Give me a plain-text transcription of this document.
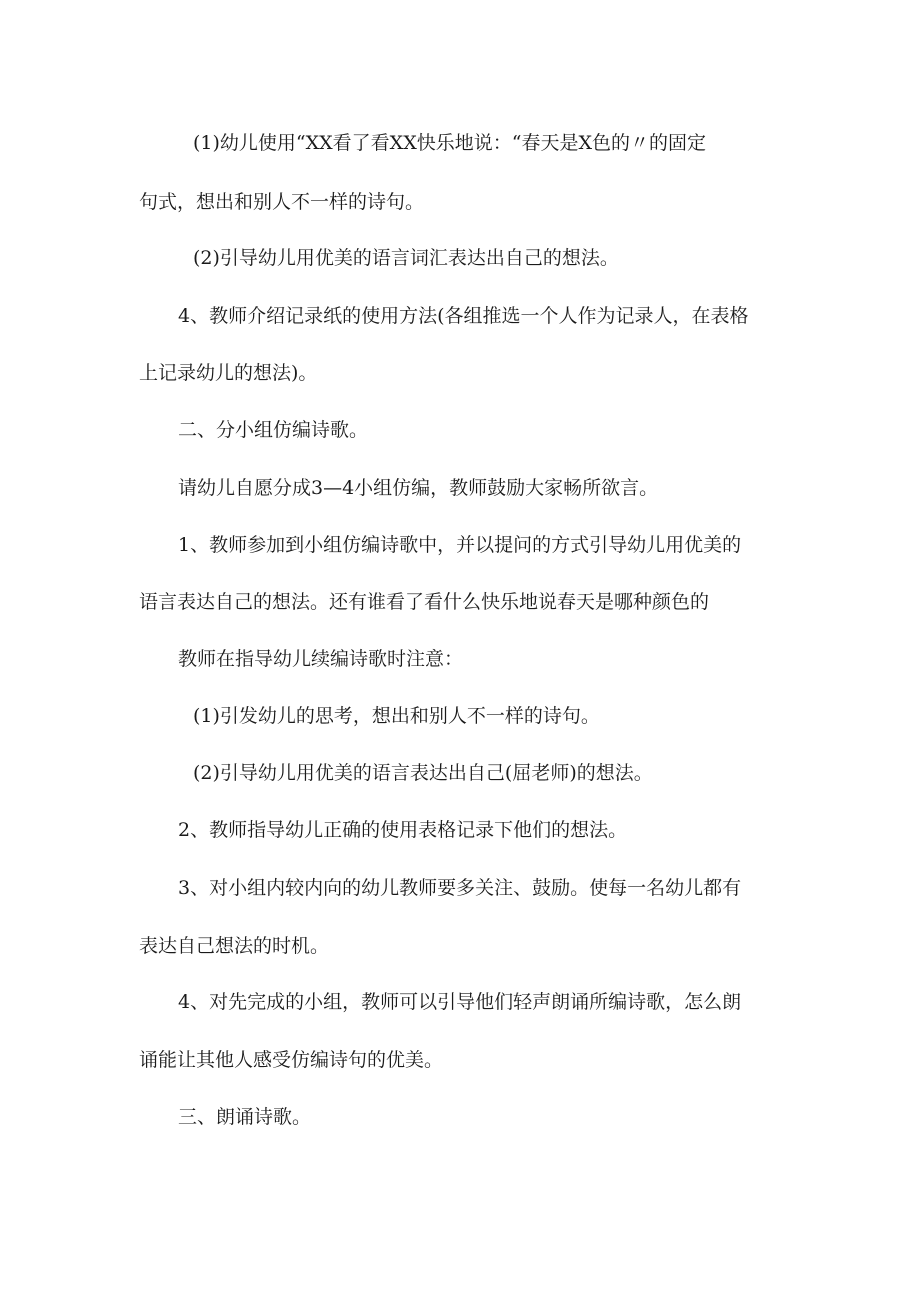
(1)幼儿使用“XX看了看XX快乐地说：“春天是X色的〃的固定
句式，想出和别人不一样的诗句。
(2)引导幼儿用优美的语言词汇表达出自己的想法。
4、教师介绍记录纸的使用方法(各组推选一个人作为记录人，在表格
上记录幼儿的想法)。
二、分小组仿编诗歌。
请幼儿自愿分成3—4小组仿编，教师鼓励大家畅所欲言。
1、教师参加到小组仿编诗歌中，并以提问的方式引导幼儿用优美的
语言表达自己的想法。还有谁看了看什么快乐地说春天是哪种颜色的
教师在指导幼儿续编诗歌时注意：
(1)引发幼儿的思考，想出和别人不一样的诗句。
(2)引导幼儿用优美的语言表达出自己(屈老师)的想法。
2、教师指导幼儿正确的使用表格记录下他们的想法。
3、对小组内较内向的幼儿教师要多关注、鼓励。使每一名幼儿都有
表达自己想法的时机。
4、对先完成的小组，教师可以引导他们轻声朗诵所编诗歌，怎么朗
诵能让其他人感受仿编诗句的优美。
三、朗诵诗歌。
